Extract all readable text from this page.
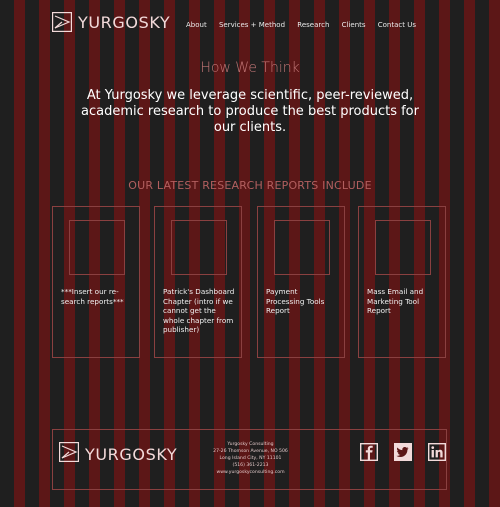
YURGOSKY About Services + Method Research Clients Contact Us
How We Think
At Yurgosky we leverage scientific, peer-reviewed, academic research to produce the best products for our clients.
OUR LATEST RESEARCH REPORTS INCLUDE
***Insert our re-search reports***
Patrick's Dashboard Chapter (intro if we cannot get the whole chapter from publisher)
Payment Processing Tools Report
Mass Email and Marketing Tool Report
YURGOSKY	Yurgosky Consulting
27-26 Thomson Avenue, NO 506
Long Island City, NY 11101
(516) 361-2213
www.yurgoskyconsulting.com
